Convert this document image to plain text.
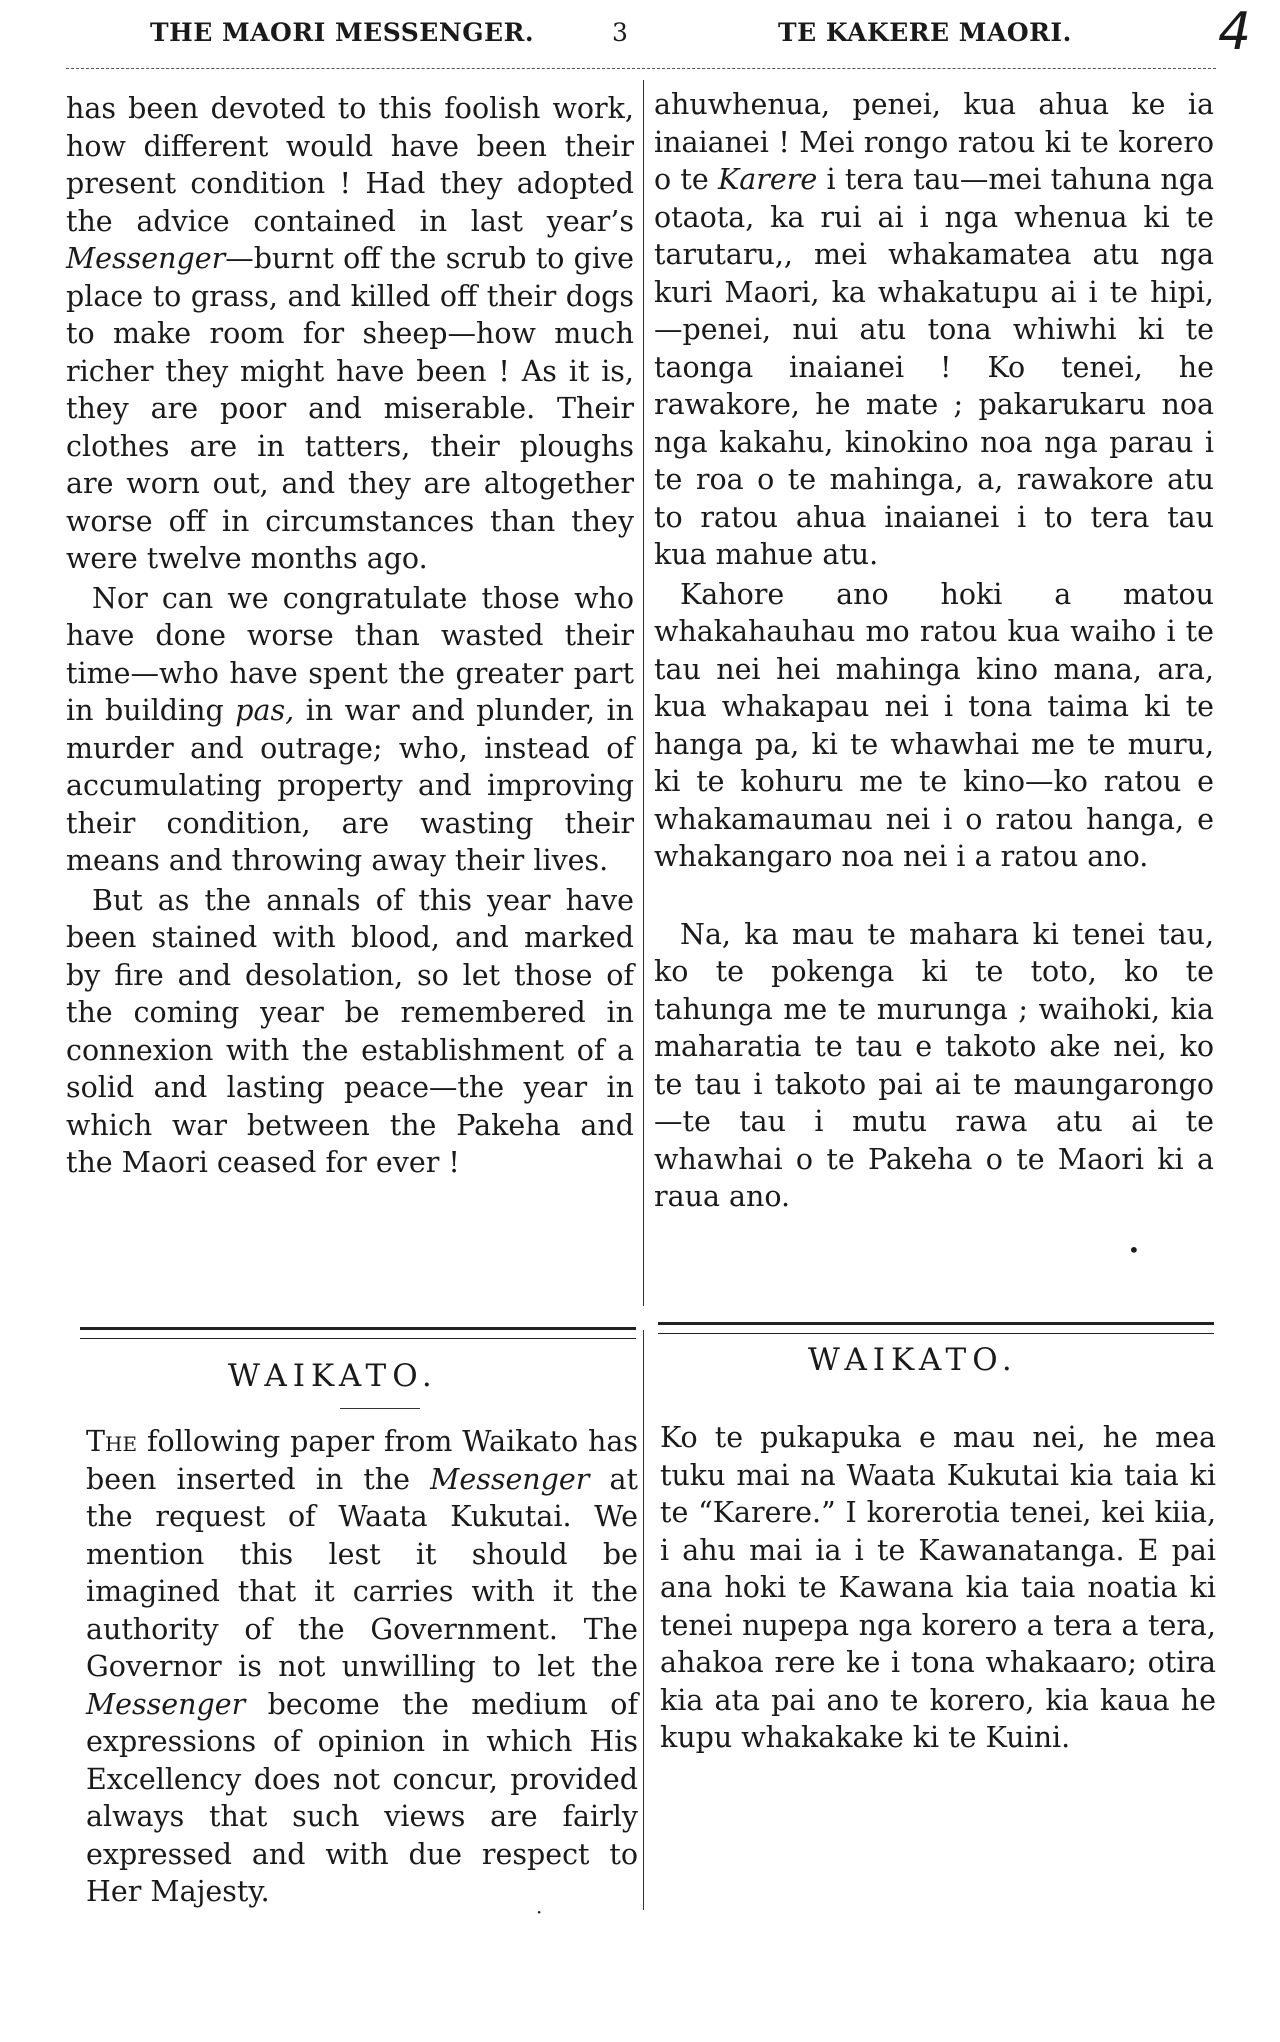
THE MAORI MESSENGER.	3	TE KAKERE MAORI.	4

has been devoted to this foolish work, how different would have been their present condition ! Had they adopted the advice contained in last year’s Messenger—burnt off the scrub to give place to grass, and killed off their dogs to make room for sheep—how much richer they might have been ! As it is, they are poor and miserable. Their clothes are in tatters, their ploughs are worn out, and they are altogether worse off in circumstances than they were twelve months ago.

Nor can we congratulate those who have done worse than wasted their time—who have spent the greater part in building pas, in war and plunder, in murder and outrage; who, instead of accumulating property and improving their condition, are wasting their means and throwing away their lives.

But as the annals of this year have been stained with blood, and marked by fire and desolation, so let those of the coming year be remembered in connexion with the establishment of a solid and lasting peace—the year in which war between the Pakeha and the Maori ceased for ever !

ahuwhenua, penei, kua ahua ke ia inaianei ! Mei rongo ratou ki te korero o te Karere i tera tau—mei tahuna nga otaota, ka rui ai i nga whenua ki te tarutaru,, mei whakamatea atu nga kuri Maori, ka whakatupu ai i te hipi,—penei, nui atu tona whiwhi ki te taonga inaianei ! Ko tenei, he rawakore, he mate ; pakarukaru noa nga kakahu, kinokino noa nga parau i te roa o te mahinga, a, rawakore atu to ratou ahua inaianei i to tera tau kua mahue atu.

Kahore ano hoki a matou whakahauhau mo ratou kua waiho i te tau nei hei mahinga kino mana, ara, kua whakapau nei i tona taima ki te hanga pa, ki te whawhai me te muru, ki te kohuru me te kino—ko ratou e whakamaumau nei i o ratou hanga, e whakangaro noa nei i a ratou ano.

Na, ka mau te mahara ki tenei tau, ko te pokenga ki te toto, ko te tahunga me te murunga ; waihoki, kia maharatia te tau e takoto ake nei, ko te tau i takoto pai ai te maungarongo—te tau i mutu rawa atu ai te whawhai o te Pakeha o te Maori ki a raua ano.

WAIKATO.	WAIKATO.

The following paper from Waikato has been inserted in the Messenger at the request of Waata Kukutai. We mention this lest it should be imagined that it carries with it the authority of the Government. The Governor is not unwilling to let the Messenger become the medium of expressions of opinion in which His Excellency does not concur, provided always that such views are fairly expressed and with due respect to Her Majesty.

Ko te pukapuka e mau nei, he mea tuku mai na Waata Kukutai kia taia ki te “Karere.” I korerotia tenei, kei kiia, i ahu mai ia i te Kawanatanga. E pai ana hoki te Kawana kia taia noatia ki tenei nupepa nga korero a tera a tera, ahakoa rere ke i tona whakaaro; otira kia ata pai ano te korero, kia kaua he kupu whakakake ki te Kuini.

•
·
